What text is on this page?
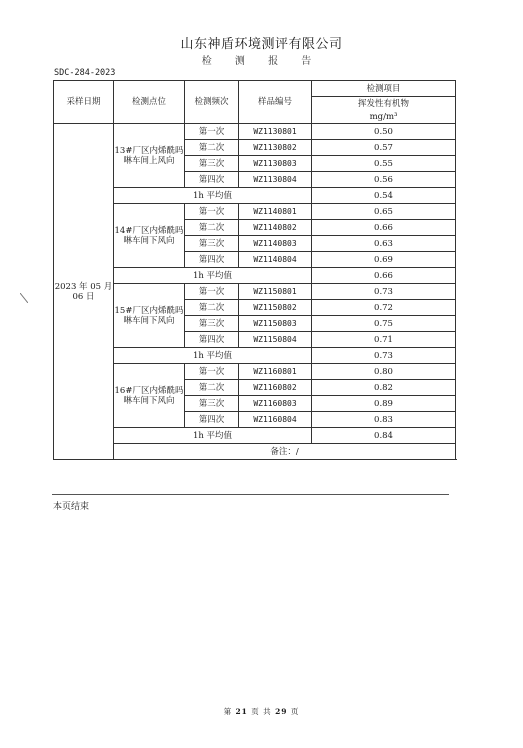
山东神盾环境测评有限公司
检 测 报 告
SDC-284-2023
采样日期	检测点位	检测频次	样品编号	检测项目
				挥发性有机物
				mg/m³
2023 年 05 月 06 日	13#厂区内烯酰吗啉车间上风向	第一次	WZ1130801	0.50
		第二次	WZ1130802	0.57
		第三次	WZ1130803	0.55
		第四次	WZ1130804	0.56
	1h 平均值			0.54
	14#厂区内烯酰吗啉车间下风向	第一次	WZ1140801	0.65
		第二次	WZ1140802	0.66
		第三次	WZ1140803	0.63
		第四次	WZ1140804	0.69
	1h 平均值			0.66
	15#厂区内烯酰吗啉车间下风向	第一次	WZ1150801	0.73
		第二次	WZ1150802	0.72
		第三次	WZ1150803	0.75
		第四次	WZ1150804	0.71
	1h 平均值			0.73
	16#厂区内烯酰吗啉车间下风向	第一次	WZ1160801	0.80
		第二次	WZ1160802	0.82
		第三次	WZ1160803	0.89
		第四次	WZ1160804	0.83
	1h 平均值			0.84
	备注：/			
本页结束
第 21 页 共 29 页
